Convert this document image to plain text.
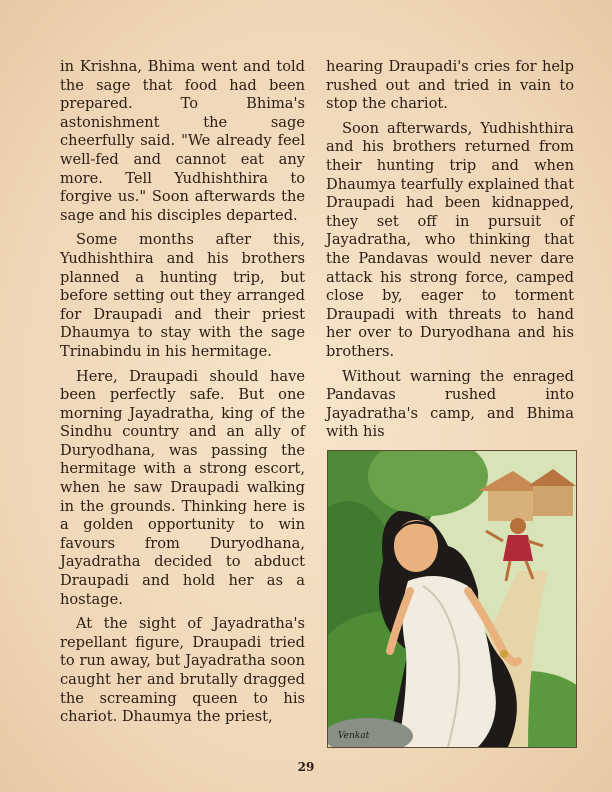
in Krishna, Bhima went and told the sage that food had been prepared. To Bhima's astonishment the sage cheerfully said. "We already feel well-fed and cannot eat any more. Tell Yudhishthira to forgive us." Soon afterwards the sage and his disciples departed.

Some months after this, Yudhishthira and his brothers planned a hunting trip, but before setting out they arranged for Draupadi and their priest Dhaumya to stay with the sage Trinabindu in his hermitage.

Here, Draupadi should have been perfectly safe. But one morning Jayadratha, king of the Sindhu country and an ally of Duryodhana, was passing the hermitage with a strong escort, when he saw Draupadi walking in the grounds. Thinking here is a golden opportunity to win favours from Duryodhana, Jayadratha decided to abduct Draupadi and hold her as a hostage.

At the sight of Jayadratha's repellant figure, Draupadi tried to run away, but Jayadratha soon caught her and brutally dragged the screaming queen to his chariot. Dhaumya the priest,

hearing Draupadi's cries for help rushed out and tried in vain to stop the chariot.

Soon afterwards, Yudhishthira and his brothers returned from their hunting trip and when Dhaumya tearfully explained that Draupadi had been kidnapped, they set off in pursuit of Jayadratha, who thinking that the Pandavas would never dare attack his strong force, camped close by, eager to torment Draupadi with threats to hand her over to Duryodhana and his brothers.

Without warning the enraged Pandavas rushed into Jayadratha's camp, and Bhima with his

Venkat
29
